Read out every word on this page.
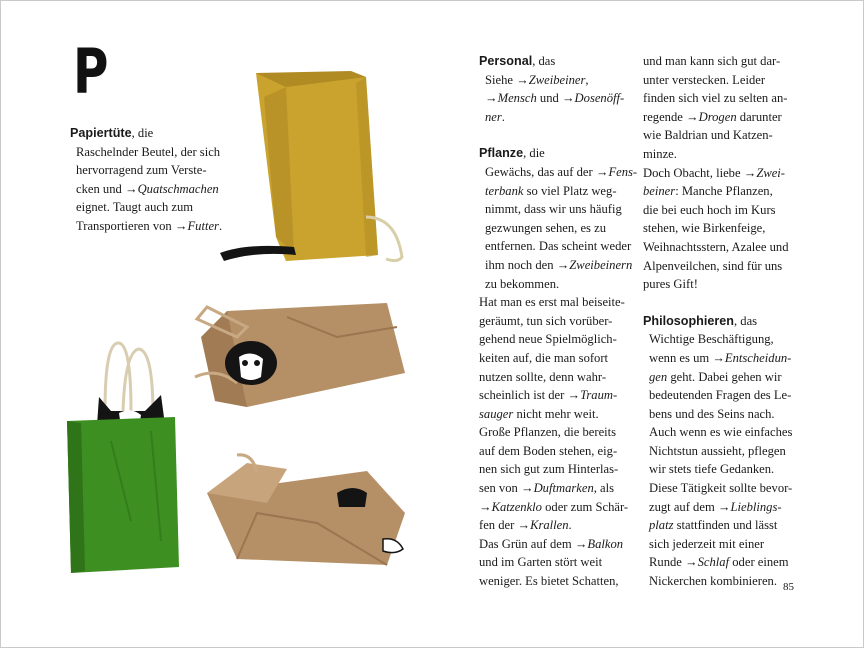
P
Papiertüte, die
Raschelnder Beutel, der sich
hervorragend zum Verste-
cken und →Quatschmachen
eignet. Taugt auch zum
Transportieren von →Futter.
Personal, das
Siehe →Zweibeiner,
→Mensch und →Dosenöff-
ner.
Pflanze, die
Gewächs, das auf der →Fens-
terbank so viel Platz weg-
nimmt, dass wir uns häufig
gezwungen sehen, es zu
entfernen. Das scheint weder
ihm noch den →Zweibeinern
zu bekommen.
Hat man es erst mal beiseite-
geräumt, tun sich vorüber-
gehend neue Spielmöglich-
keiten auf, die man sofort
nutzen sollte, denn wahr-
scheinlich ist der →Traum-
sauger nicht mehr weit.
Große Pflanzen, die bereits
auf dem Boden stehen, eig-
nen sich gut zum Hinterlas-
sen von →Duftmarken, als
→Katzenklo oder zum Schär-
fen der →Krallen.
Das Grün auf dem →Balkon
und im Garten stört weit
weniger. Es bietet Schatten,
und man kann sich gut dar-
unter verstecken. Leider
finden sich viel zu selten an-
regende →Drogen darunter
wie Baldrian und Katzen-
minze.
Doch Obacht, liebe →Zwei-
beiner: Manche Pflanzen,
die bei euch hoch im Kurs
stehen, wie Birkenfeige,
Weihnachtsstern, Azalee und
Alpenveilchen, sind für uns
pures Gift!
Philosophieren, das
Wichtige Beschäftigung,
wenn es um →Entscheidun-
gen geht. Dabei gehen wir
bedeutenden Fragen des Le-
bens und des Seins nach.
Auch wenn es wie einfaches
Nichtstun aussieht, pflegen
wir stets tiefe Gedanken.
Diese Tätigkeit sollte bevor-
zugt auf dem →Lieblings-
platz stattfinden und lässt
sich jederzeit mit einer
Runde →Schlaf oder einem
Nickerchen kombinieren. 85
